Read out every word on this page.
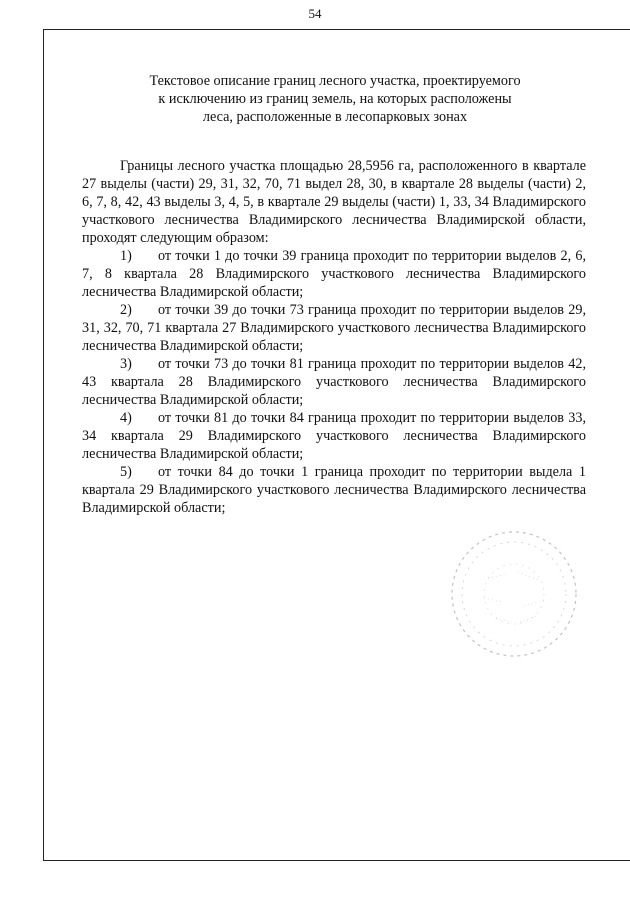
54
Текстовое описание границ лесного участка, проектируемого
к исключению из границ земель, на которых расположены
леса, расположенные в лесопарковых зонах

Границы лесного участка площадью 28,5956 га, расположенного в квартале 27 выделы (части) 29, 31, 32, 70, 71 выдел 28, 30, в квартале 28 выделы (части) 2, 6, 7, 8, 42, 43 выделы 3, 4, 5, в квартале 29 выделы (части) 1, 33, 34 Владимирского участкового лесничества Владимирского лесничества Владимирской области, проходят следующим образом:

1) от точки 1 до точки 39 граница проходит по территории выделов 2, 6, 7, 8 квартала 28 Владимирского участкового лесничества Владимирского лесничества Владимирской области;

2) от точки 39 до точки 73 граница проходит по территории выделов 29, 31, 32, 70, 71 квартала 27 Владимирского участкового лесничества Владимирского лесничества Владимирской области;

3) от точки 73 до точки 81 граница проходит по территории выделов 42, 43 квартала 28 Владимирского участкового лесничества Владимирского лесничества Владимирской области;

4) от точки 81 до точки 84 граница проходит по территории выделов 33, 34 квартала 29 Владимирского участкового лесничества Владимирского лесничества Владимирской области;

5) от точки 84 до точки 1 граница проходит по территории выдела 1 квартала 29 Владимирского участкового лесничества Владимирского лесничества Владимирской области;
